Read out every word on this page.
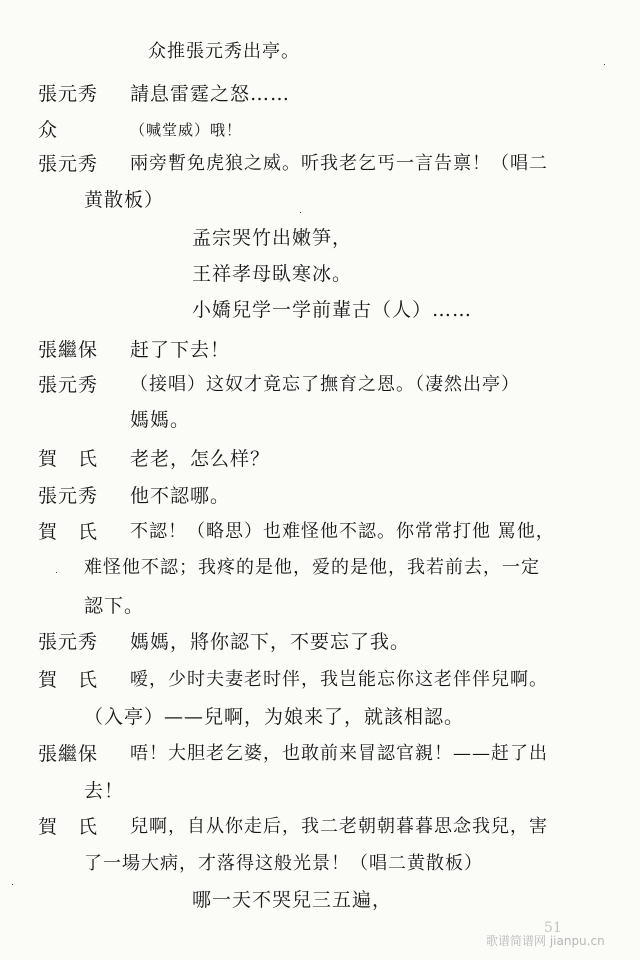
众推張元秀出亭。
張元秀 請息雷霆之怒……
众	（喊堂威）哦！
張元秀 兩旁暫免虎狼之威。听我老乞丐一言告禀！（唱二
黄散板）
孟宗哭竹出嫩笋，
王祥孝母臥寒冰。
小嬌兒学一学前輩古（人）……
張繼保 赶了下去！
張元秀 （接唱）这奴才竟忘了撫育之恩。（凄然出亭）
媽媽。
賀　氏 老老，怎么样？
張元秀 他不認哪。
賀　氏 不認！（略思）也难怪他不認。你常常打他 罵他，
难怪他不認；我疼的是他，爱的是他，我若前去，一定
認下。
張元秀 媽媽，將你認下，不要忘了我。
賀　氏 嗳，少时夫妻老时伴，我岂能忘你这老伴伴兒啊。
（入亭）——兒啊，为娘来了，就該相認。
張繼保 唔！大胆老乞婆，也敢前来冒認官親！——赶了出
去！
賀　氏 兒啊，自从你走后，我二老朝朝暮暮思念我兒，害
了一場大病，才落得这般光景！（唱二黄散板）
哪一天不哭兒三五遍，
51
歌谱简谱网 jianpu.cn
